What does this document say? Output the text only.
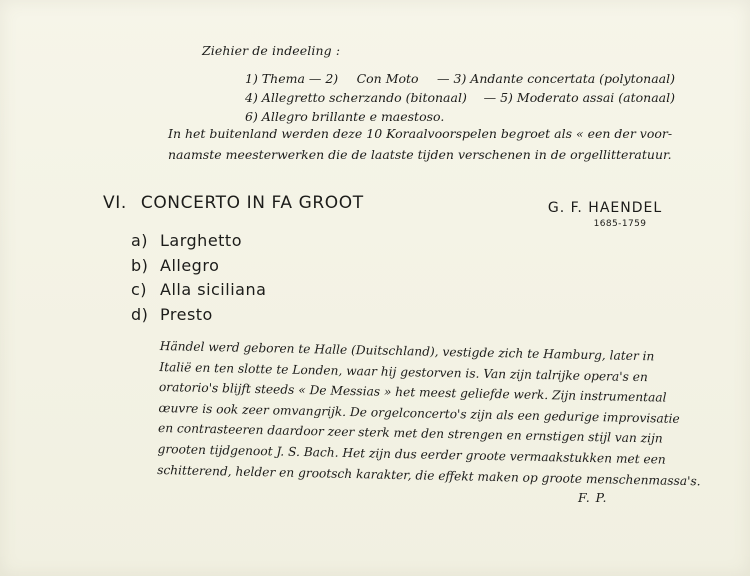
Ziehier de indeeling :
1) Thema — 2) Con Moto — 3) Andante concertata (polytonaal)
4) Allegretto scherzando (bitonaal) — 5) Moderato assai (atonaal)
6) Allegro brillante e maestoso.
In het buitenland werden deze 10 Koraalvoorspelen begroet als « een der voor-
naamste meesterwerken die de laatste tijden verschenen in de orgellitteratuur.
VI. CONCERTO IN FA GROOT	G. F. HAENDEL
1685-1759
a) Larghetto
b) Allegro
c) Alla siciliana
d) Presto
Händel werd geboren te Halle (Duitschland), vestigde zich te Hamburg, later in
Italië en ten slotte te Londen, waar hij gestorven is. Van zijn talrijke opera's en
oratorio's blijft steeds « De Messias » het meest geliefde werk. Zijn instrumentaal
œuvre is ook zeer omvangrijk. De orgelconcerto's zijn als een gedurige improvisatie
en contrasteeren daardoor zeer sterk met den strengen en ernstigen stijl van zijn
grooten tijdgenoot J. S. Bach. Het zijn dus eerder groote vermaakstukken met een
schitterend, helder en grootsch karakter, die effekt maken op groote menschenmassa's.
F. P.
